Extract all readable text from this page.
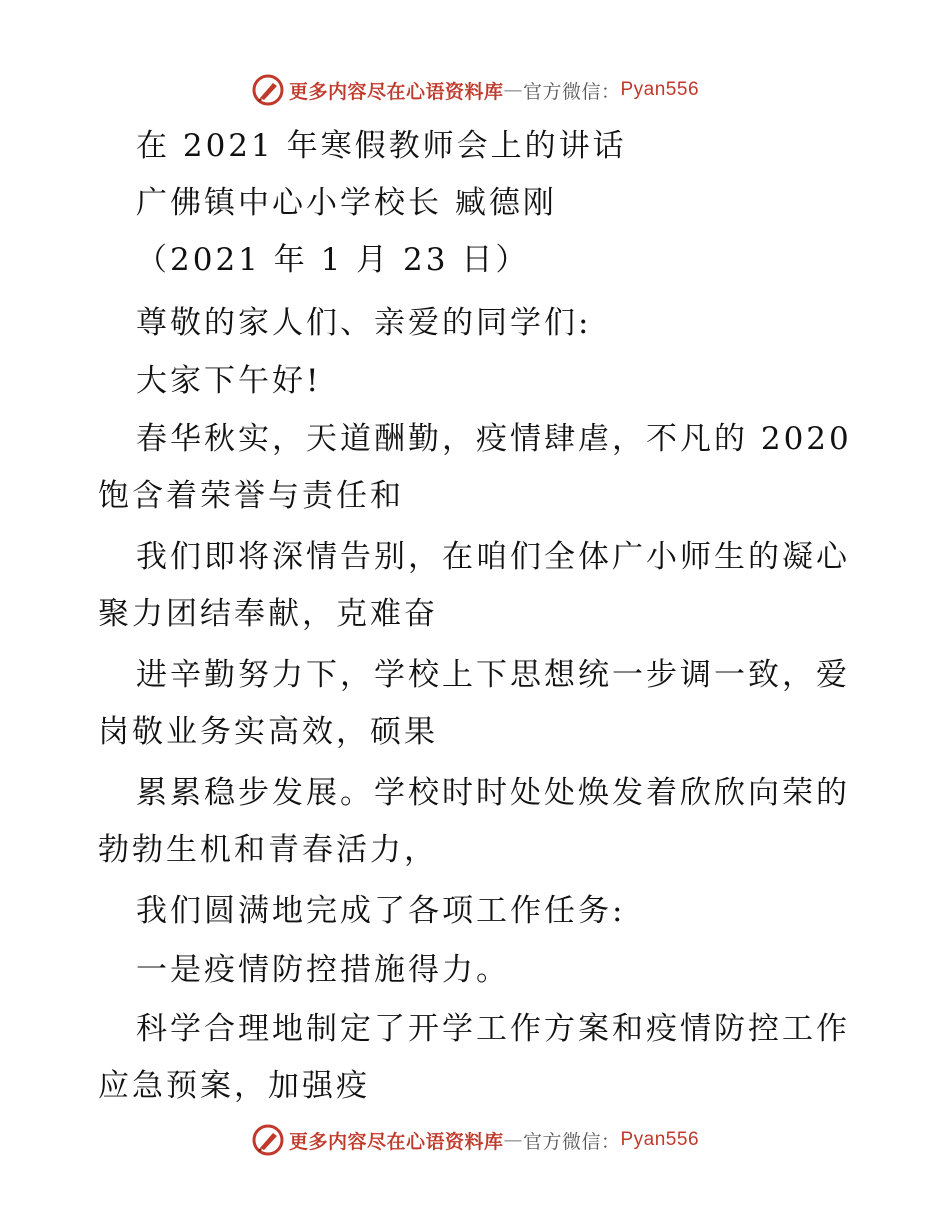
更多内容尽在心语资料库 — 官方微信： Pyan556
在 2021 年寒假教师会上的讲话
广佛镇中心小学校长 臧德刚
（2021 年 1 月 23 日）
尊敬的家人们、亲爱的同学们:
大家下午好!
春华秋实，天道酬勤，疫情肆虐，不凡的 2020
饱含着荣誉与责任和
我们即将深情告别，在咱们全体广小师生的凝心
聚力团结奉献，克难奋
进辛勤努力下，学校上下思想统一步调一致，爱
岗敬业务实高效，硕果
累累稳步发展。学校时时处处焕发着欣欣向荣的
勃勃生机和青春活力，
我们圆满地完成了各项工作任务:
一是疫情防控措施得力。
科学合理地制定了开学工作方案和疫情防控工作
应急预案，加强疫
更多内容尽在心语资料库 — 官方微信： Pyan556
